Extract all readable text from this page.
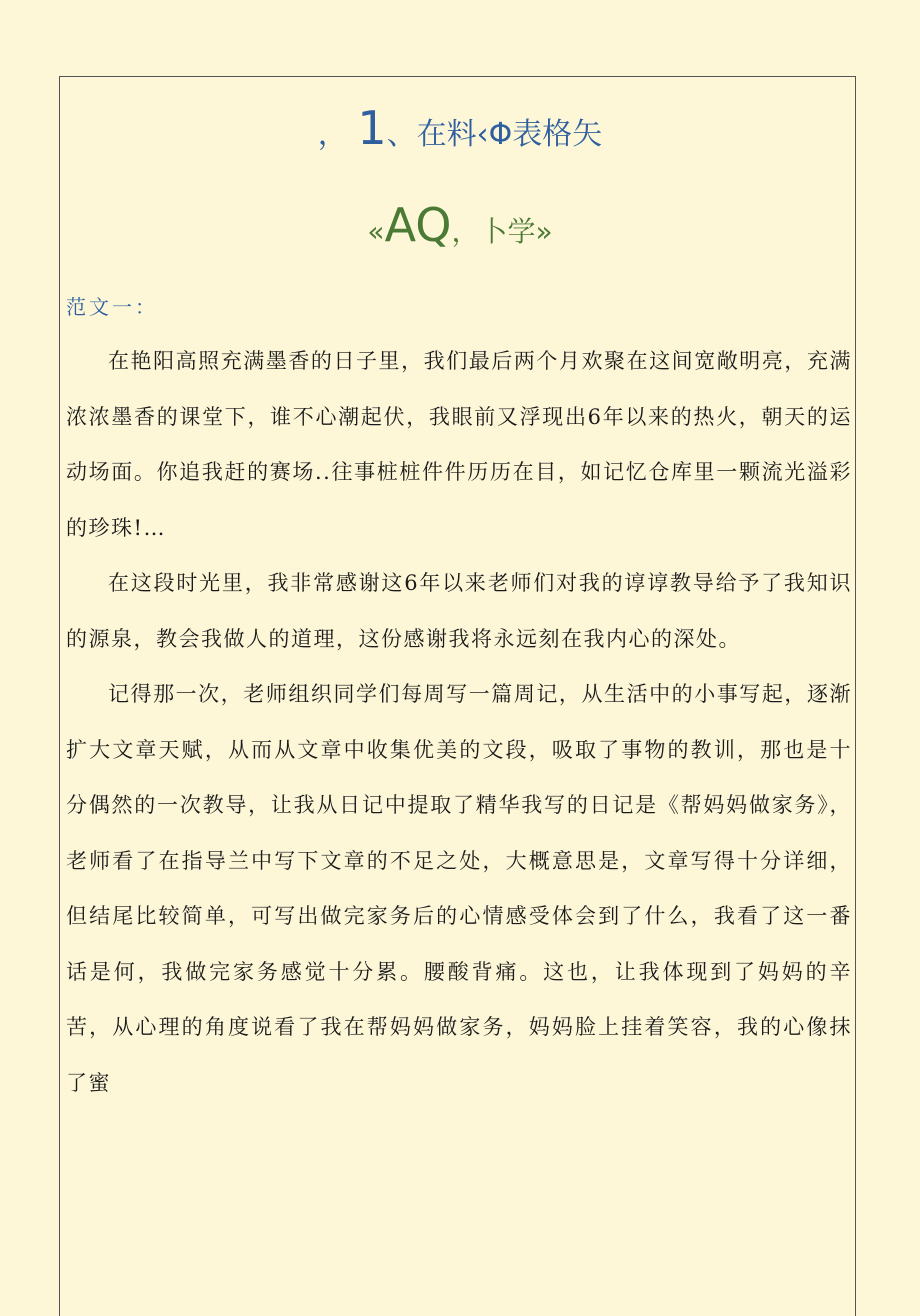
， 1、在料‹Φ表格矢
«AQ，卜学»
范文一：

在艳阳高照充满墨香的日子里，我们最后两个月欢聚在这间宽敞明亮，充满浓浓墨香的课堂下，谁不心潮起伏，我眼前又浮现出6年以来的热火，朝天的运动场面。你追我赶的赛场..往事桩桩件件历历在目，如记忆仓库里一颗流光溢彩的珍珠!…

在这段时光里，我非常感谢这6年以来老师们对我的谆谆教导给予了我知识的源泉，教会我做人的道理，这份感谢我将永远刻在我内心的深处。

记得那一次，老师组织同学们每周写一篇周记，从生活中的小事写起，逐渐扩大文章天赋，从而从文章中收集优美的文段，吸取了事物的教训，那也是十分偶然的一次教导，让我从日记中提取了精华我写的日记是《帮妈妈做家务》，老师看了在指导兰中写下文章的不足之处，大概意思是，文章写得十分详细，但结尾比较简单，可写出做完家务后的心情感受体会到了什么，我看了这一番话是何，我做完家务感觉十分累。腰酸背痛。这也，让我体现到了妈妈的辛苦，从心理的角度说看了我在帮妈妈做家务，妈妈脸上挂着笑容，我的心像抹了蜜
